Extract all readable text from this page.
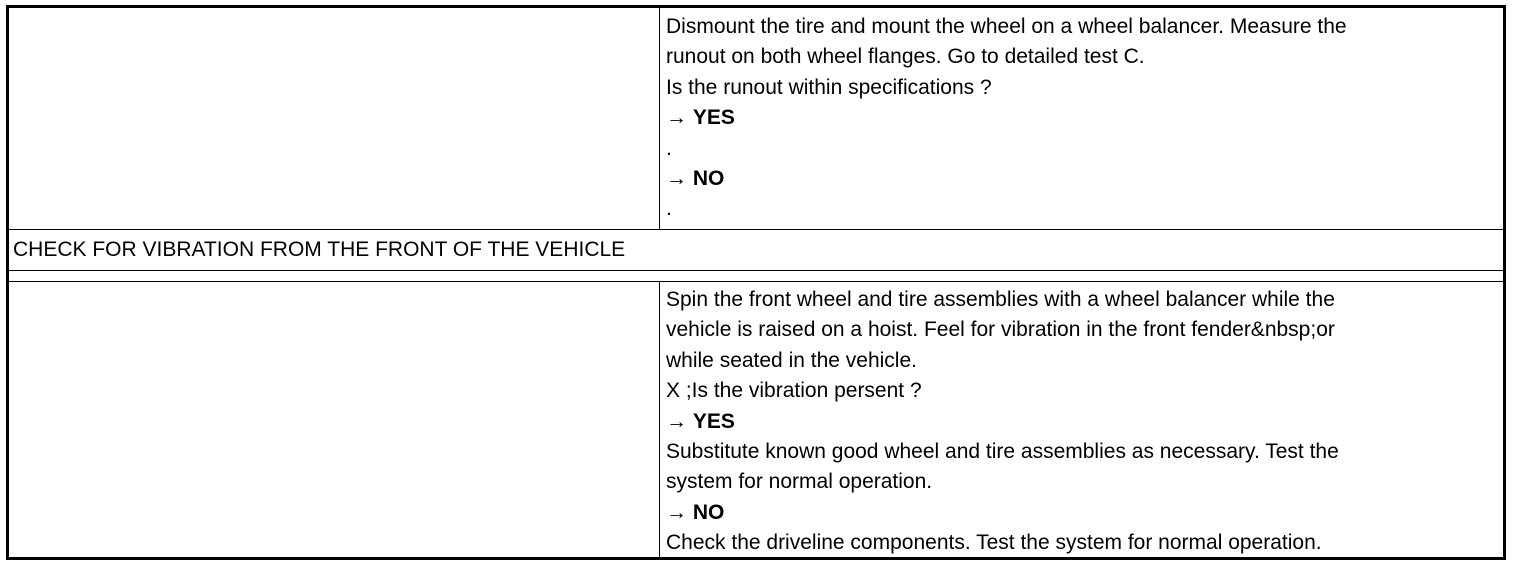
Dismount the tire and mount the wheel on a wheel balancer. Measure the
runout on both wheel flanges. Go to detailed test C.
Is the runout within specifications ?
→ YES
.
→ NO
.
CHECK FOR VIBRATION FROM THE FRONT OF THE VEHICLE
Spin the front wheel and tire assemblies with a wheel balancer while the
vehicle is raised on a hoist. Feel for vibration in the front fender&nbsp;or
while seated in the vehicle.
X ;Is the vibration persent ?
→ YES
Substitute known good wheel and tire assemblies as necessary. Test the
system for normal operation.
→ NO
Check the driveline components. Test the system for normal operation.
